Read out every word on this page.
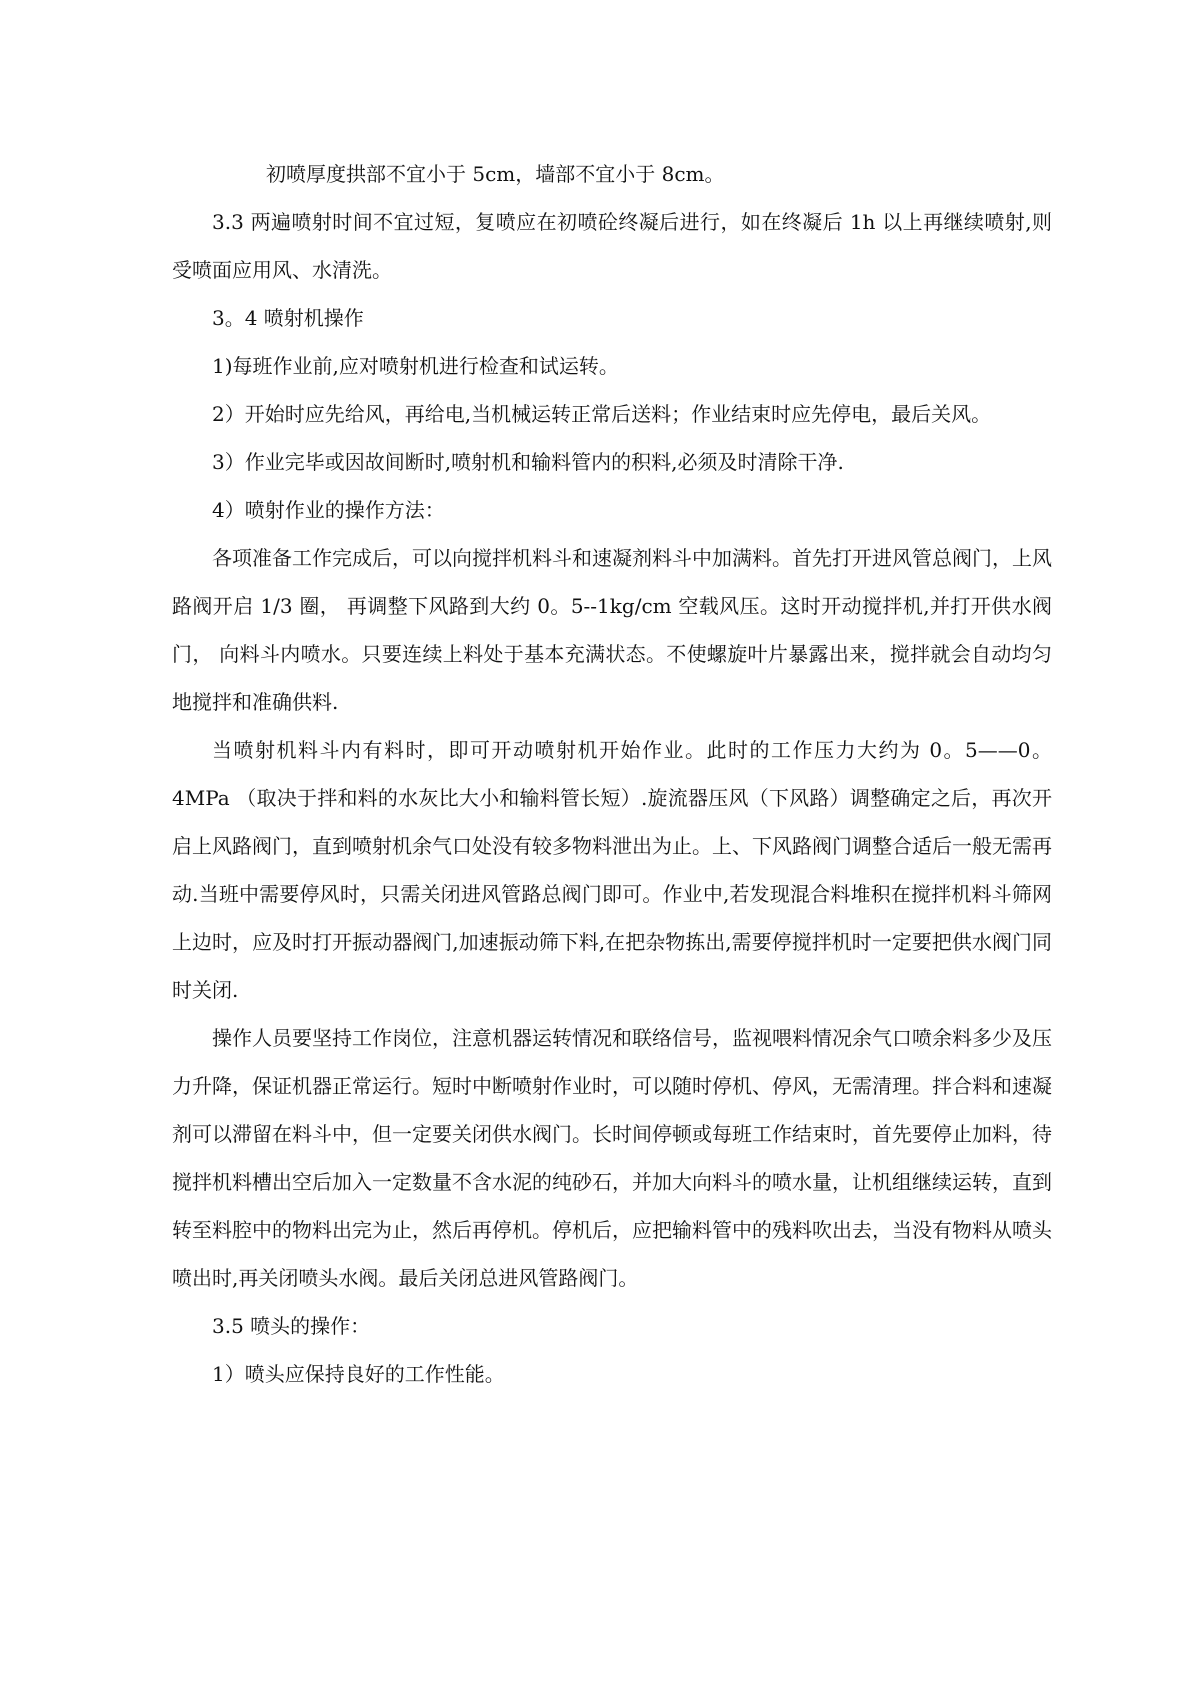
初喷厚度拱部不宜小于 5cm，墙部不宜小于 8cm。

3.3 两遍喷射时间不宜过短，复喷应在初喷砼终凝后进行，如在终凝后 1h 以上再继续喷射,则受喷面应用风、水清洗。

3。4 喷射机操作

1)每班作业前,应对喷射机进行检查和试运转。

2）开始时应先给风，再给电,当机械运转正常后送料；作业结束时应先停电，最后关风。

3）作业完毕或因故间断时,喷射机和输料管内的积料,必须及时清除干净.

4）喷射作业的操作方法：

各项准备工作完成后，可以向搅拌机料斗和速凝剂料斗中加满料。首先打开进风管总阀门，上风路阀开启 1/3 圈， 再调整下风路到大约 0。5--1kg/cm 空载风压。这时开动搅拌机,并打开供水阀门， 向料斗内喷水。只要连续上料处于基本充满状态。不使螺旋叶片暴露出来，搅拌就会自动均匀地搅拌和准确供料.

当喷射机料斗内有料时，即可开动喷射机开始作业。此时的工作压力大约为 0。5——0。4MPa （取决于拌和料的水灰比大小和输料管长短）.旋流器压风（下风路）调整确定之后，再次开启上风路阀门，直到喷射机余气口处没有较多物料泄出为止。上、下风路阀门调整合适后一般无需再动.当班中需要停风时，只需关闭进风管路总阀门即可。作业中,若发现混合料堆积在搅拌机料斗筛网上边时，应及时打开振动器阀门,加速振动筛下料,在把杂物拣出,需要停搅拌机时一定要把供水阀门同时关闭.

操作人员要坚持工作岗位，注意机器运转情况和联络信号，监视喂料情况余气口喷余料多少及压力升降，保证机器正常运行。短时中断喷射作业时，可以随时停机、停风，无需清理。拌合料和速凝剂可以滞留在料斗中，但一定要关闭供水阀门。长时间停顿或每班工作结束时，首先要停止加料，待搅拌机料槽出空后加入一定数量不含水泥的纯砂石，并加大向料斗的喷水量，让机组继续运转，直到转至料腔中的物料出完为止，然后再停机。停机后，应把输料管中的残料吹出去，当没有物料从喷头喷出时,再关闭喷头水阀。最后关闭总进风管路阀门。

3.5 喷头的操作：

1）喷头应保持良好的工作性能。
